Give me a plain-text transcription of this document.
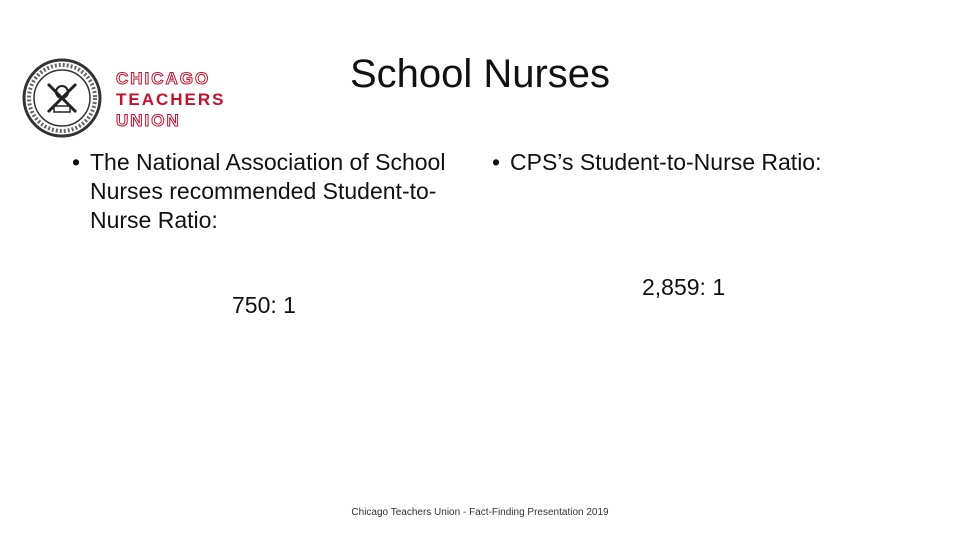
CHICAGO
TEACHERS
UNION
School Nurses
• The National Association of School Nurses recommended Student-to-Nurse Ratio:
• CPS’s Student-to-Nurse Ratio:
750: 1
2,859: 1
Chicago Teachers Union - Fact-Finding Presentation 2019
